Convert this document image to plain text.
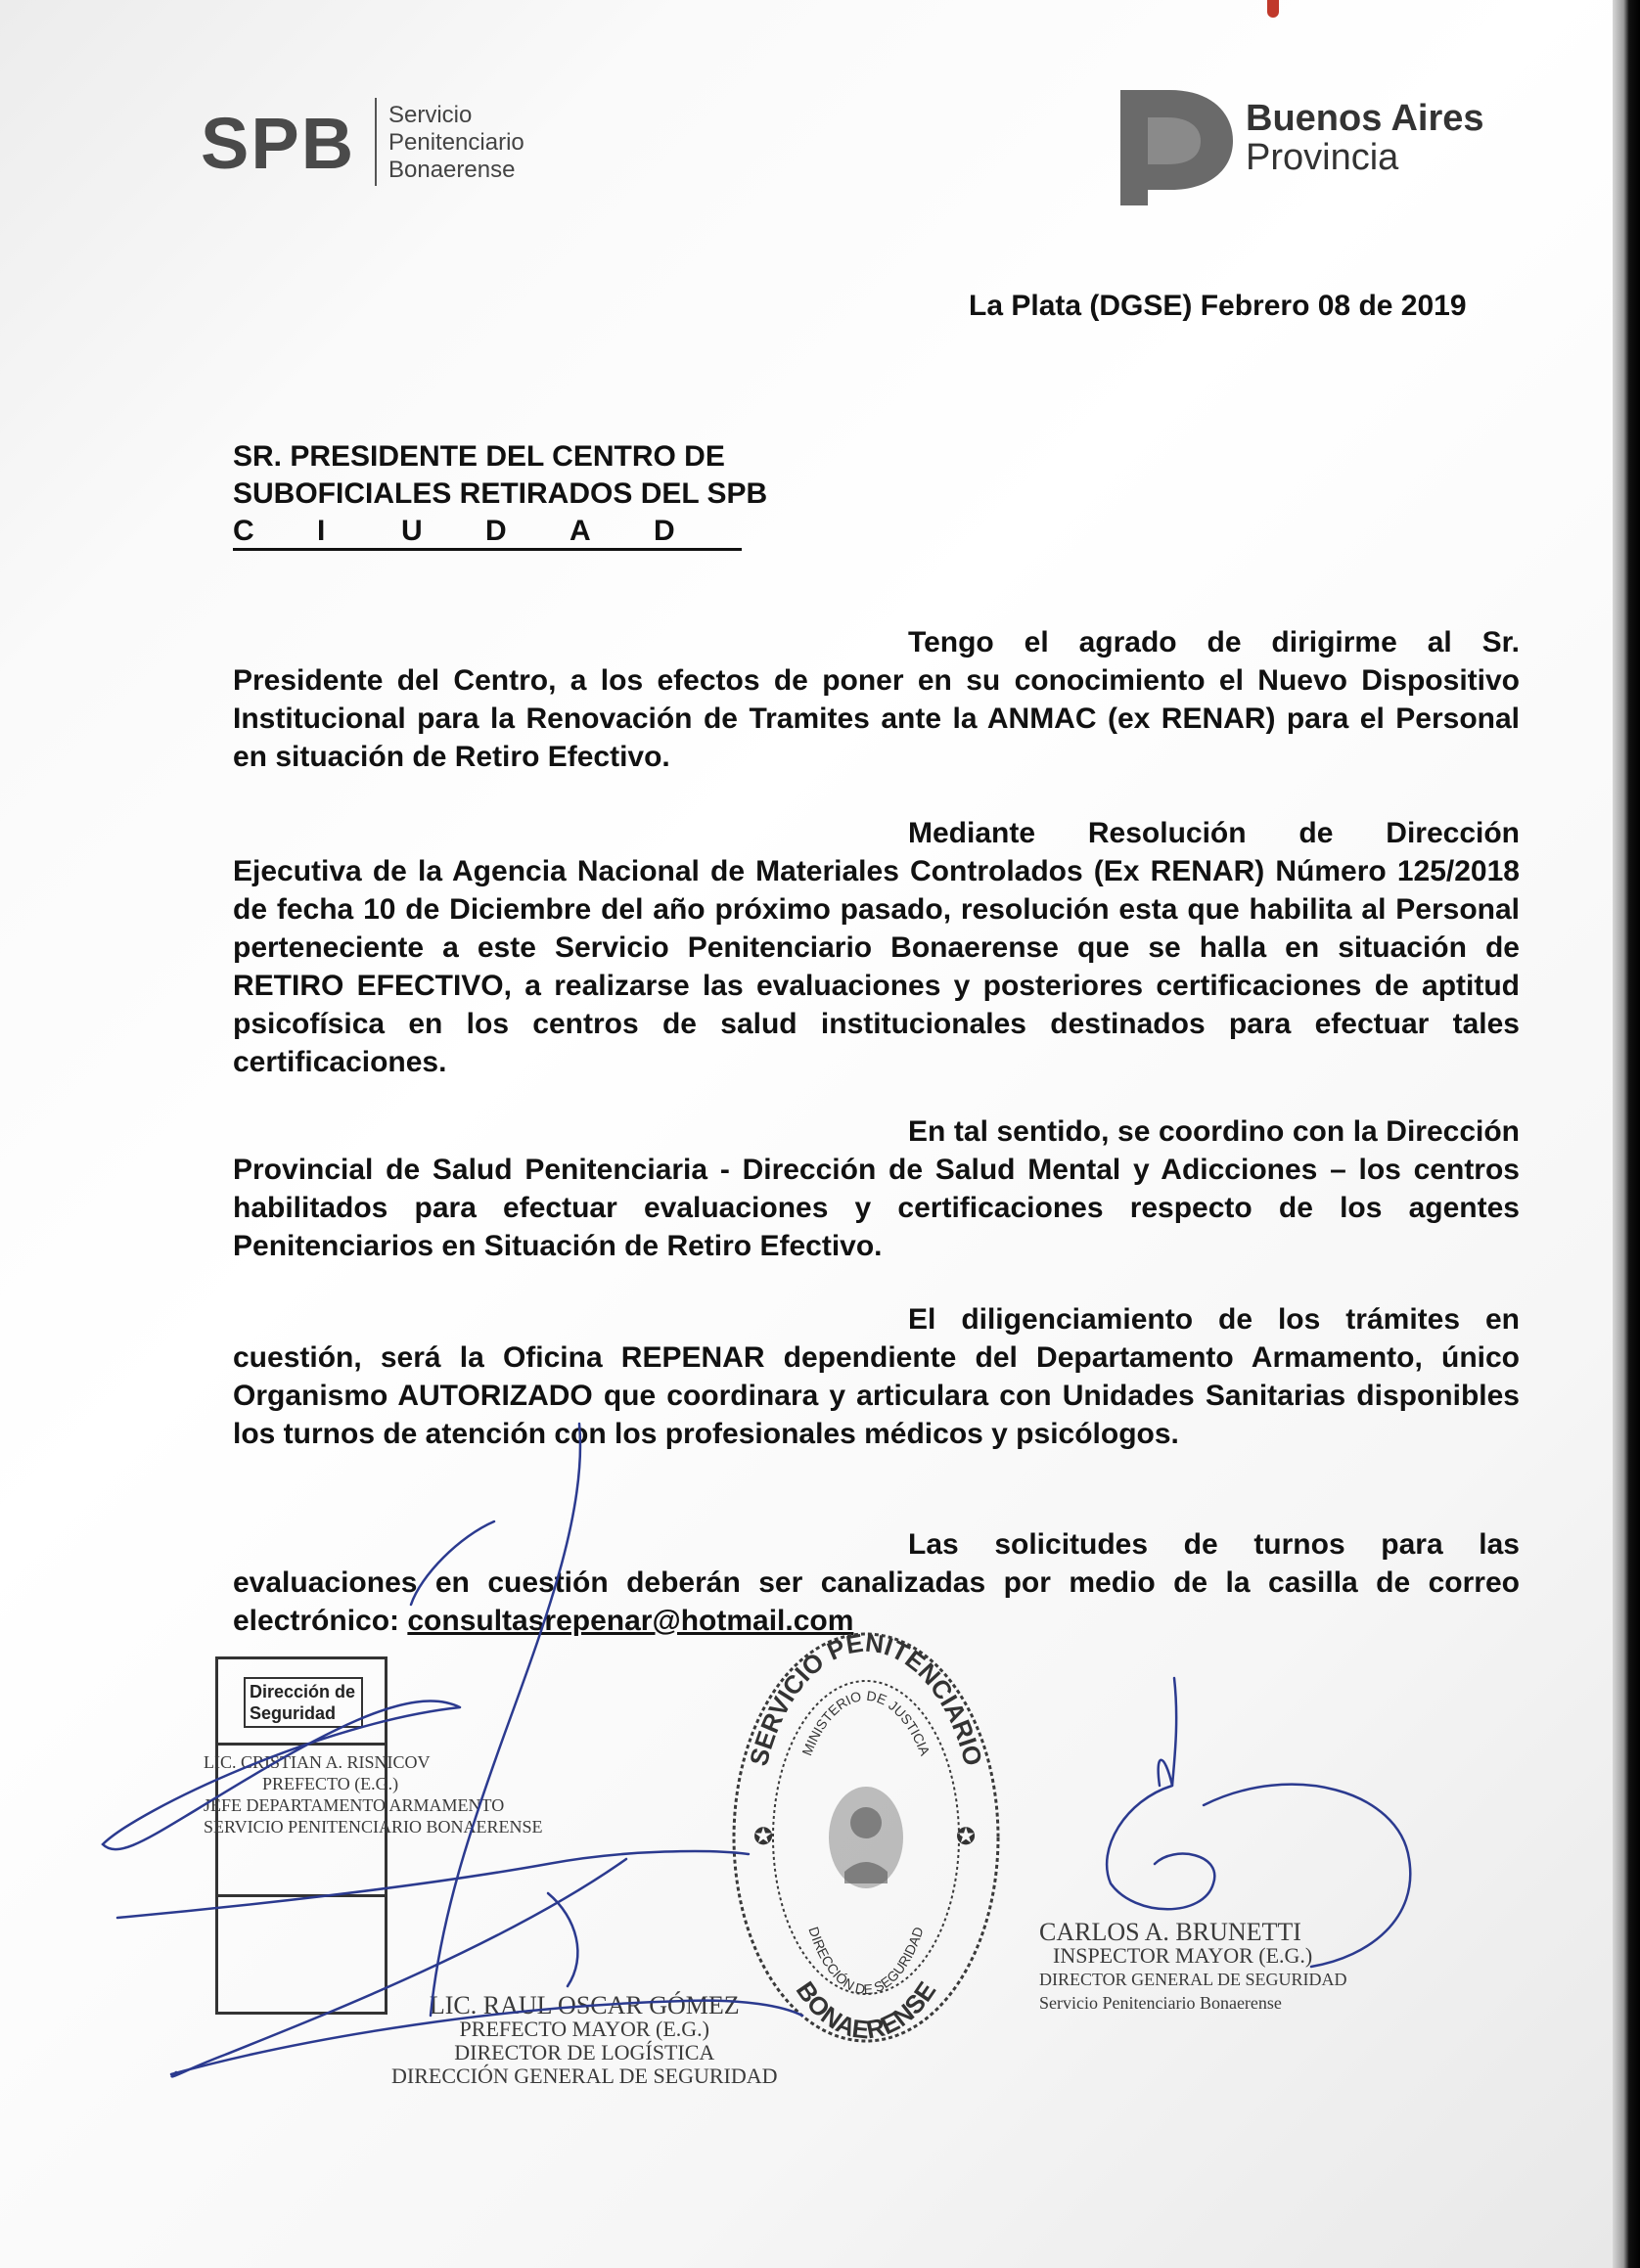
SPB Servicio
Penitenciario
Bonaerense
Buenos Aires
Provincia
La Plata (DGSE) Febrero 08 de 2019
SR. PRESIDENTE DEL CENTRO DE
SUBOFICIALES RETIRADOS DEL SPB
C I	U D A D

Tengo el agrado de dirigirme al Sr. Presidente del Centro, a los efectos de poner en su conocimiento el Nuevo Dispositivo Institucional para la Renovación de Tramites ante la ANMAC (ex RENAR) para el Personal en situación de Retiro Efectivo.

Mediante Resolución de Dirección Ejecutiva de la Agencia Nacional de Materiales Controlados (Ex RENAR) Número 125/2018 de fecha 10 de Diciembre del año próximo pasado, resolución esta que habilita al Personal perteneciente a este Servicio Penitenciario Bonaerense que se halla en situación de RETIRO EFECTIVO, a realizarse las evaluaciones y posteriores certificaciones de aptitud psicofísica en los centros de salud institucionales destinados para efectuar tales certificaciones.

En tal sentido, se coordino con la Dirección Provincial de Salud Penitenciaria - Dirección de Salud Mental y Adicciones – los centros habilitados para efectuar evaluaciones y certificaciones respecto de los agentes Penitenciarios en Situación de Retiro Efectivo.

El diligenciamiento de los trámites en cuestión, será la Oficina REPENAR dependiente del Departamento Armamento, único Organismo AUTORIZADO que coordinara y articulara con Unidades Sanitarias disponibles los turnos de atención con los profesionales médicos y psicólogos.

Las solicitudes de turnos para las evaluaciones en cuestión deberán ser canalizadas por medio de la casilla de correo electrónico: consultasrepenar@hotmail.com

Dirección de
Seguridad
LIC. CRISTIAN A. RISNICOV
PREFECTO (E.G.)
JEFE DEPARTAMENTO ARMAMENTO
SERVICIO PENITENCIARIO BONAERENSE
SERVICIO PENITENCIARIO
BONAERENSE
MINISTERIO DE JUSTICIA
DIRECCIÓN DE SEGURIDAD
✪	✪
LIC. RAUL OSCAR GÓMEZ
PREFECTO MAYOR (E.G.)
DIRECTOR DE LOGÍSTICA
DIRECCIÓN GENERAL DE SEGURIDAD
CARLOS A. BRUNETTI
INSPECTOR MAYOR (E.G.)
DIRECTOR GENERAL DE SEGURIDAD
Servicio Penitenciario Bonaerense
